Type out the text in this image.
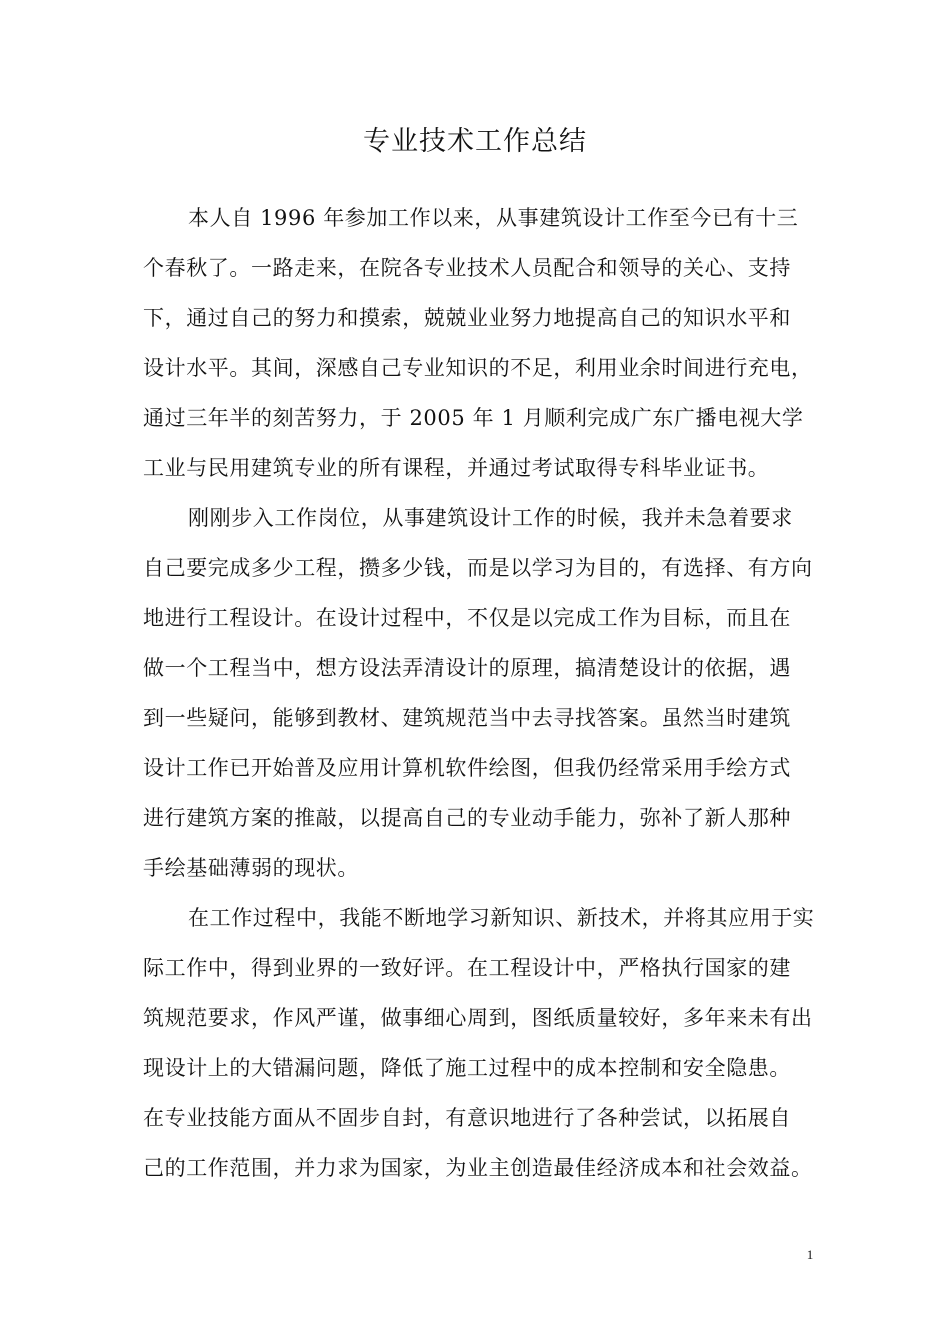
专业技术工作总结
本人自 1996 年参加工作以来，从事建筑设计工作至今已有十三
个春秋了。一路走来，在院各专业技术人员配合和领导的关心、支持
下，通过自己的努力和摸索，兢兢业业努力地提高自己的知识水平和
设计水平。其间，深感自己专业知识的不足，利用业余时间进行充电，
通过三年半的刻苦努力，于 2005 年 1 月顺利完成广东广播电视大学
工业与民用建筑专业的所有课程，并通过考试取得专科毕业证书。
刚刚步入工作岗位，从事建筑设计工作的时候，我并未急着要求
自己要完成多少工程，攒多少钱，而是以学习为目的，有选择、有方向
地进行工程设计。在设计过程中，不仅是以完成工作为目标，而且在
做一个工程当中，想方设法弄清设计的原理，搞清楚设计的依据，遇
到一些疑问，能够到教材、建筑规范当中去寻找答案。虽然当时建筑
设计工作已开始普及应用计算机软件绘图，但我仍经常采用手绘方式
进行建筑方案的推敲，以提高自己的专业动手能力，弥补了新人那种
手绘基础薄弱的现状。
在工作过程中，我能不断地学习新知识、新技术，并将其应用于实
际工作中，得到业界的一致好评。在工程设计中，严格执行国家的建
筑规范要求，作风严谨，做事细心周到，图纸质量较好，多年来未有出
现设计上的大错漏问题，降低了施工过程中的成本控制和安全隐患。
在专业技能方面从不固步自封，有意识地进行了各种尝试，以拓展自
己的工作范围，并力求为国家，为业主创造最佳经济成本和社会效益。
1
